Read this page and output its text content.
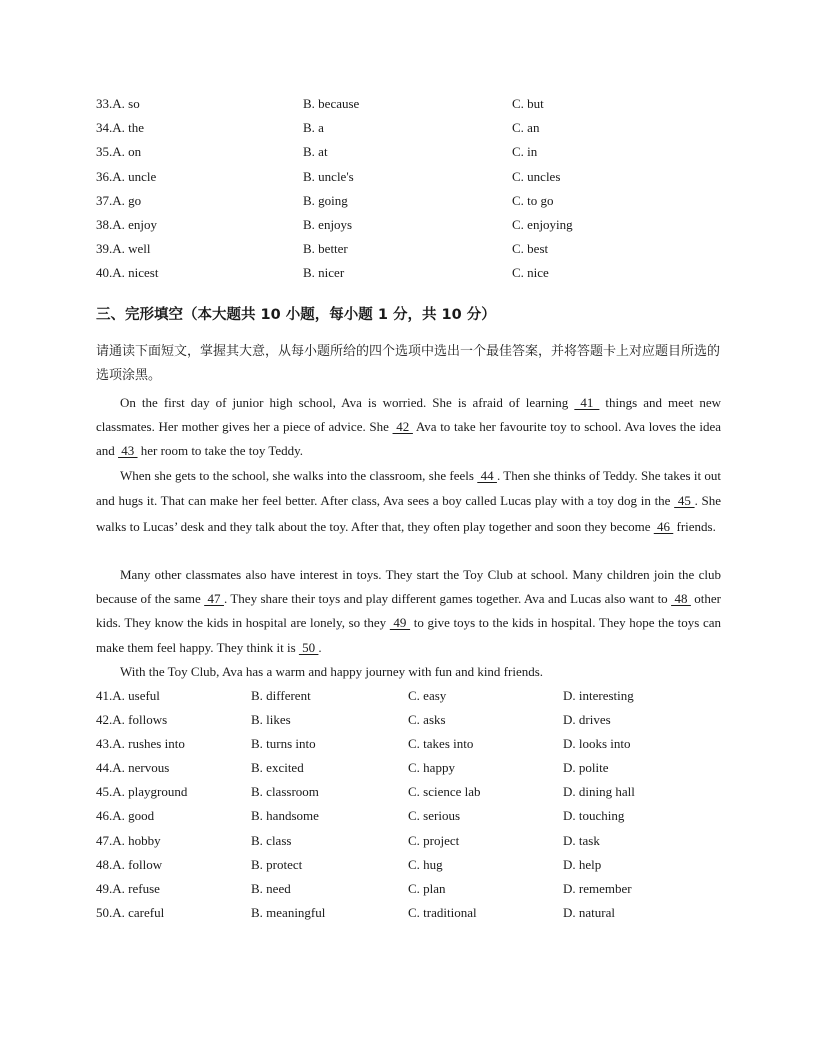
33.A. so	B. because	C. but
34.A. the	B. a	C. an
35.A. on	B. at	C. in
36.A. uncle	B. uncle's	C. uncles
37.A. go	B. going	C. to go
38.A. enjoy	B. enjoys	C. enjoying
39.A. well	B. better	C. best
40.A. nicest	B. nicer	C. nice
三、完形填空（本大题共 10 小题，每小题 1 分，共 10 分）
请通读下面短文，掌握其大意，从每小题所给的四个选项中选出一个最佳答案，并将答题卡上对应题目所选的选项涂黑。
On the first day of junior high school, Ava is worried. She is afraid of learning  41  things and meet new classmates. Her mother gives her a piece of advice. She  42  Ava to take her favourite toy to school. Ava loves the idea and  43  her room to take the toy Teddy.
When she gets to the school, she walks into the classroom, she feels  44 . Then she thinks of Teddy. She takes it out and hugs it. That can make her feel better. After class, Ava sees a boy called Lucas play with a toy dog in the  45 . She walks to Lucas’ desk and they talk about the toy. After that, they often play together and soon they become  46  friends.
Many other classmates also have interest in toys. They start the Toy Club at school. Many children join the club because of the same  47 . They share their toys and play different games together. Ava and Lucas also want to  48  other kids. They know the kids in hospital are lonely, so they  49  to give toys to the kids in hospital. They hope the toys can make them feel happy. They think it is  50 .
With the Toy Club, Ava has a warm and happy journey with fun and kind friends.
41.A. useful	B. different	C. easy	D. interesting
42.A. follows	B. likes	C. asks	D. drives
43.A. rushes into	B. turns into	C. takes into	D. looks into
44.A. nervous	B. excited	C. happy	D. polite
45.A. playground	B. classroom	C. science lab	D. dining hall
46.A. good	B. handsome	C. serious	D. touching
47.A. hobby	B. class	C. project	D. task
48.A. follow	B. protect	C. hug	D. help
49.A. refuse	B. need	C. plan	D. remember
50.A. careful	B. meaningful	C. traditional	D. natural
